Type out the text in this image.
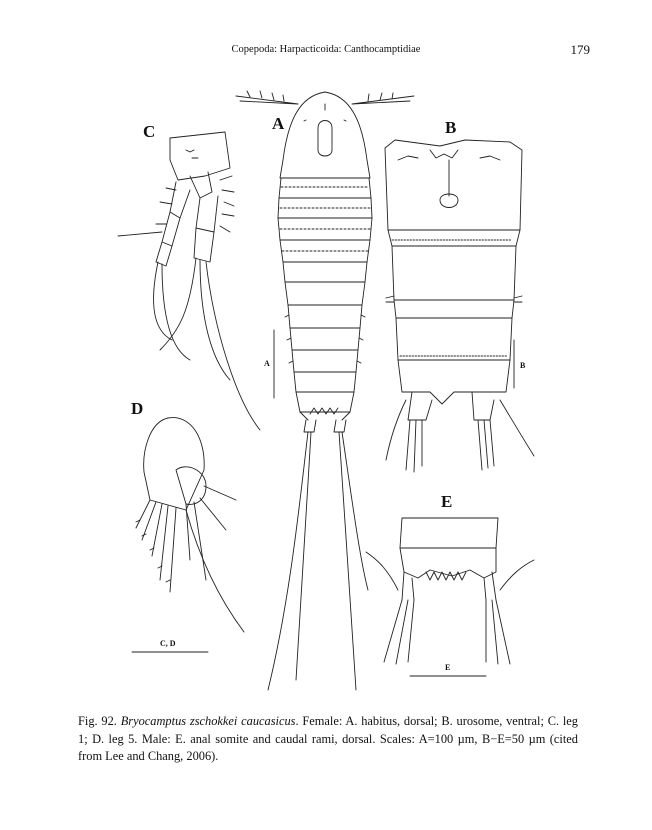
Copepoda: Harpacticoida: Canthocamptidiae	179
A	B
C
D
E
A	B
C, D
E
Fig. 92. Bryocamptus zschokkei caucasicus. Female: A. habitus, dorsal; B. urosome, ventral; C. leg 1; D. leg 5. Male: E. anal somite and caudal rami, dorsal. Scales: A=100 µm, B−E=50 µm (cited from Lee and Chang, 2006).
